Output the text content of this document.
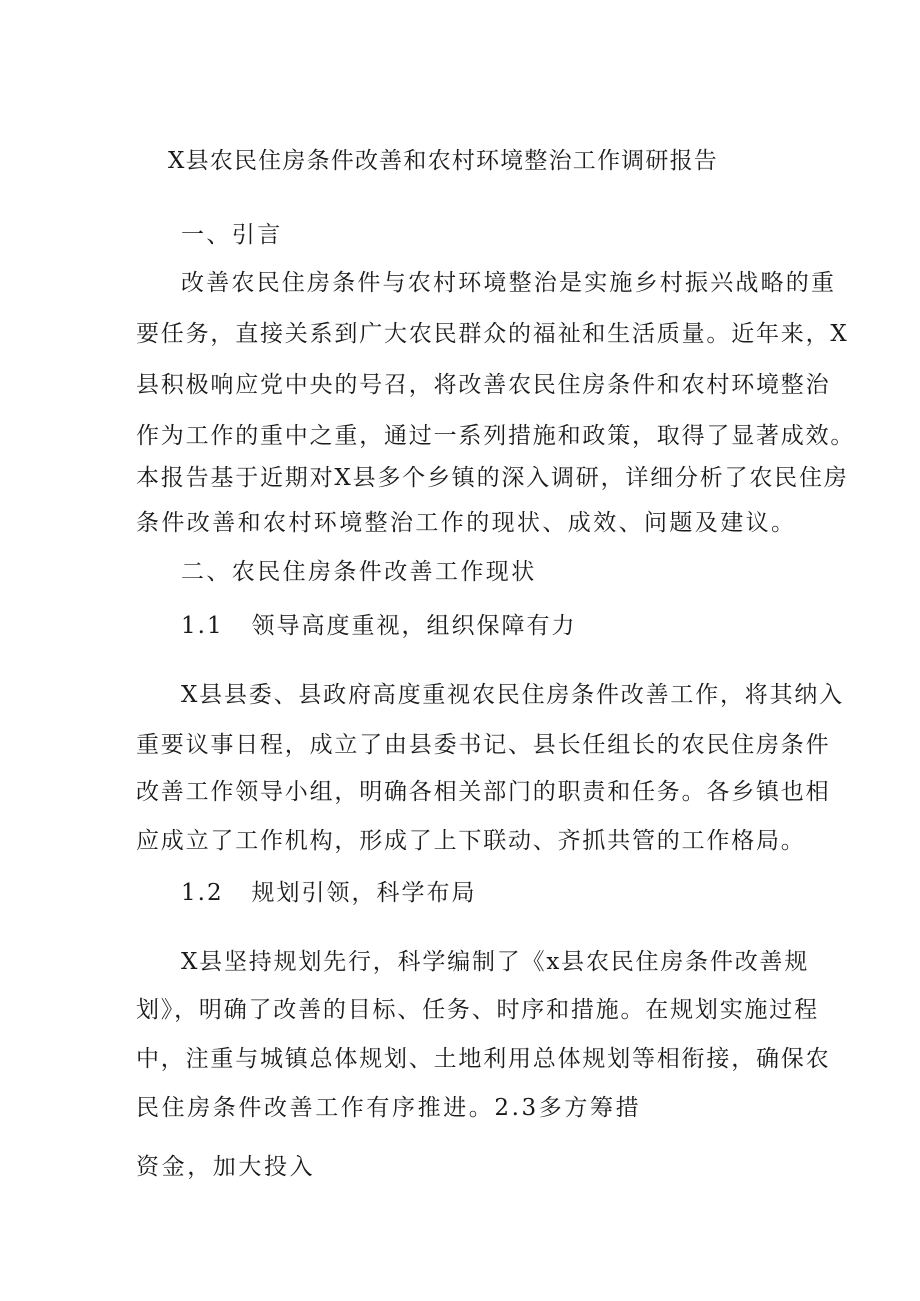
X县农民住房条件改善和农村环境整治工作调研报告
一、引言
改善农民住房条件与农村环境整治是实施乡村振兴战略的重
要任务，直接关系到广大农民群众的福祉和生活质量。近年来，X
县积极响应党中央的号召，将改善农民住房条件和农村环境整治
作为工作的重中之重，通过一系列措施和政策，取得了显著成效。
本报告基于近期对X县多个乡镇的深入调研，详细分析了农民住房
条件改善和农村环境整治工作的现状、成效、问题及建议。
二、农民住房条件改善工作现状
1.1   领导高度重视，组织保障有力
X县县委、县政府高度重视农民住房条件改善工作，将其纳入
重要议事日程，成立了由县委书记、县长任组长的农民住房条件
改善工作领导小组，明确各相关部门的职责和任务。各乡镇也相
应成立了工作机构，形成了上下联动、齐抓共管的工作格局。
1.2   规划引领，科学布局
X县坚持规划先行，科学编制了《x县农民住房条件改善规
划》，明确了改善的目标、任务、时序和措施。在规划实施过程
中，注重与城镇总体规划、土地利用总体规划等相衔接，确保农
民住房条件改善工作有序推进。2.3多方筹措
资金，加大投入
